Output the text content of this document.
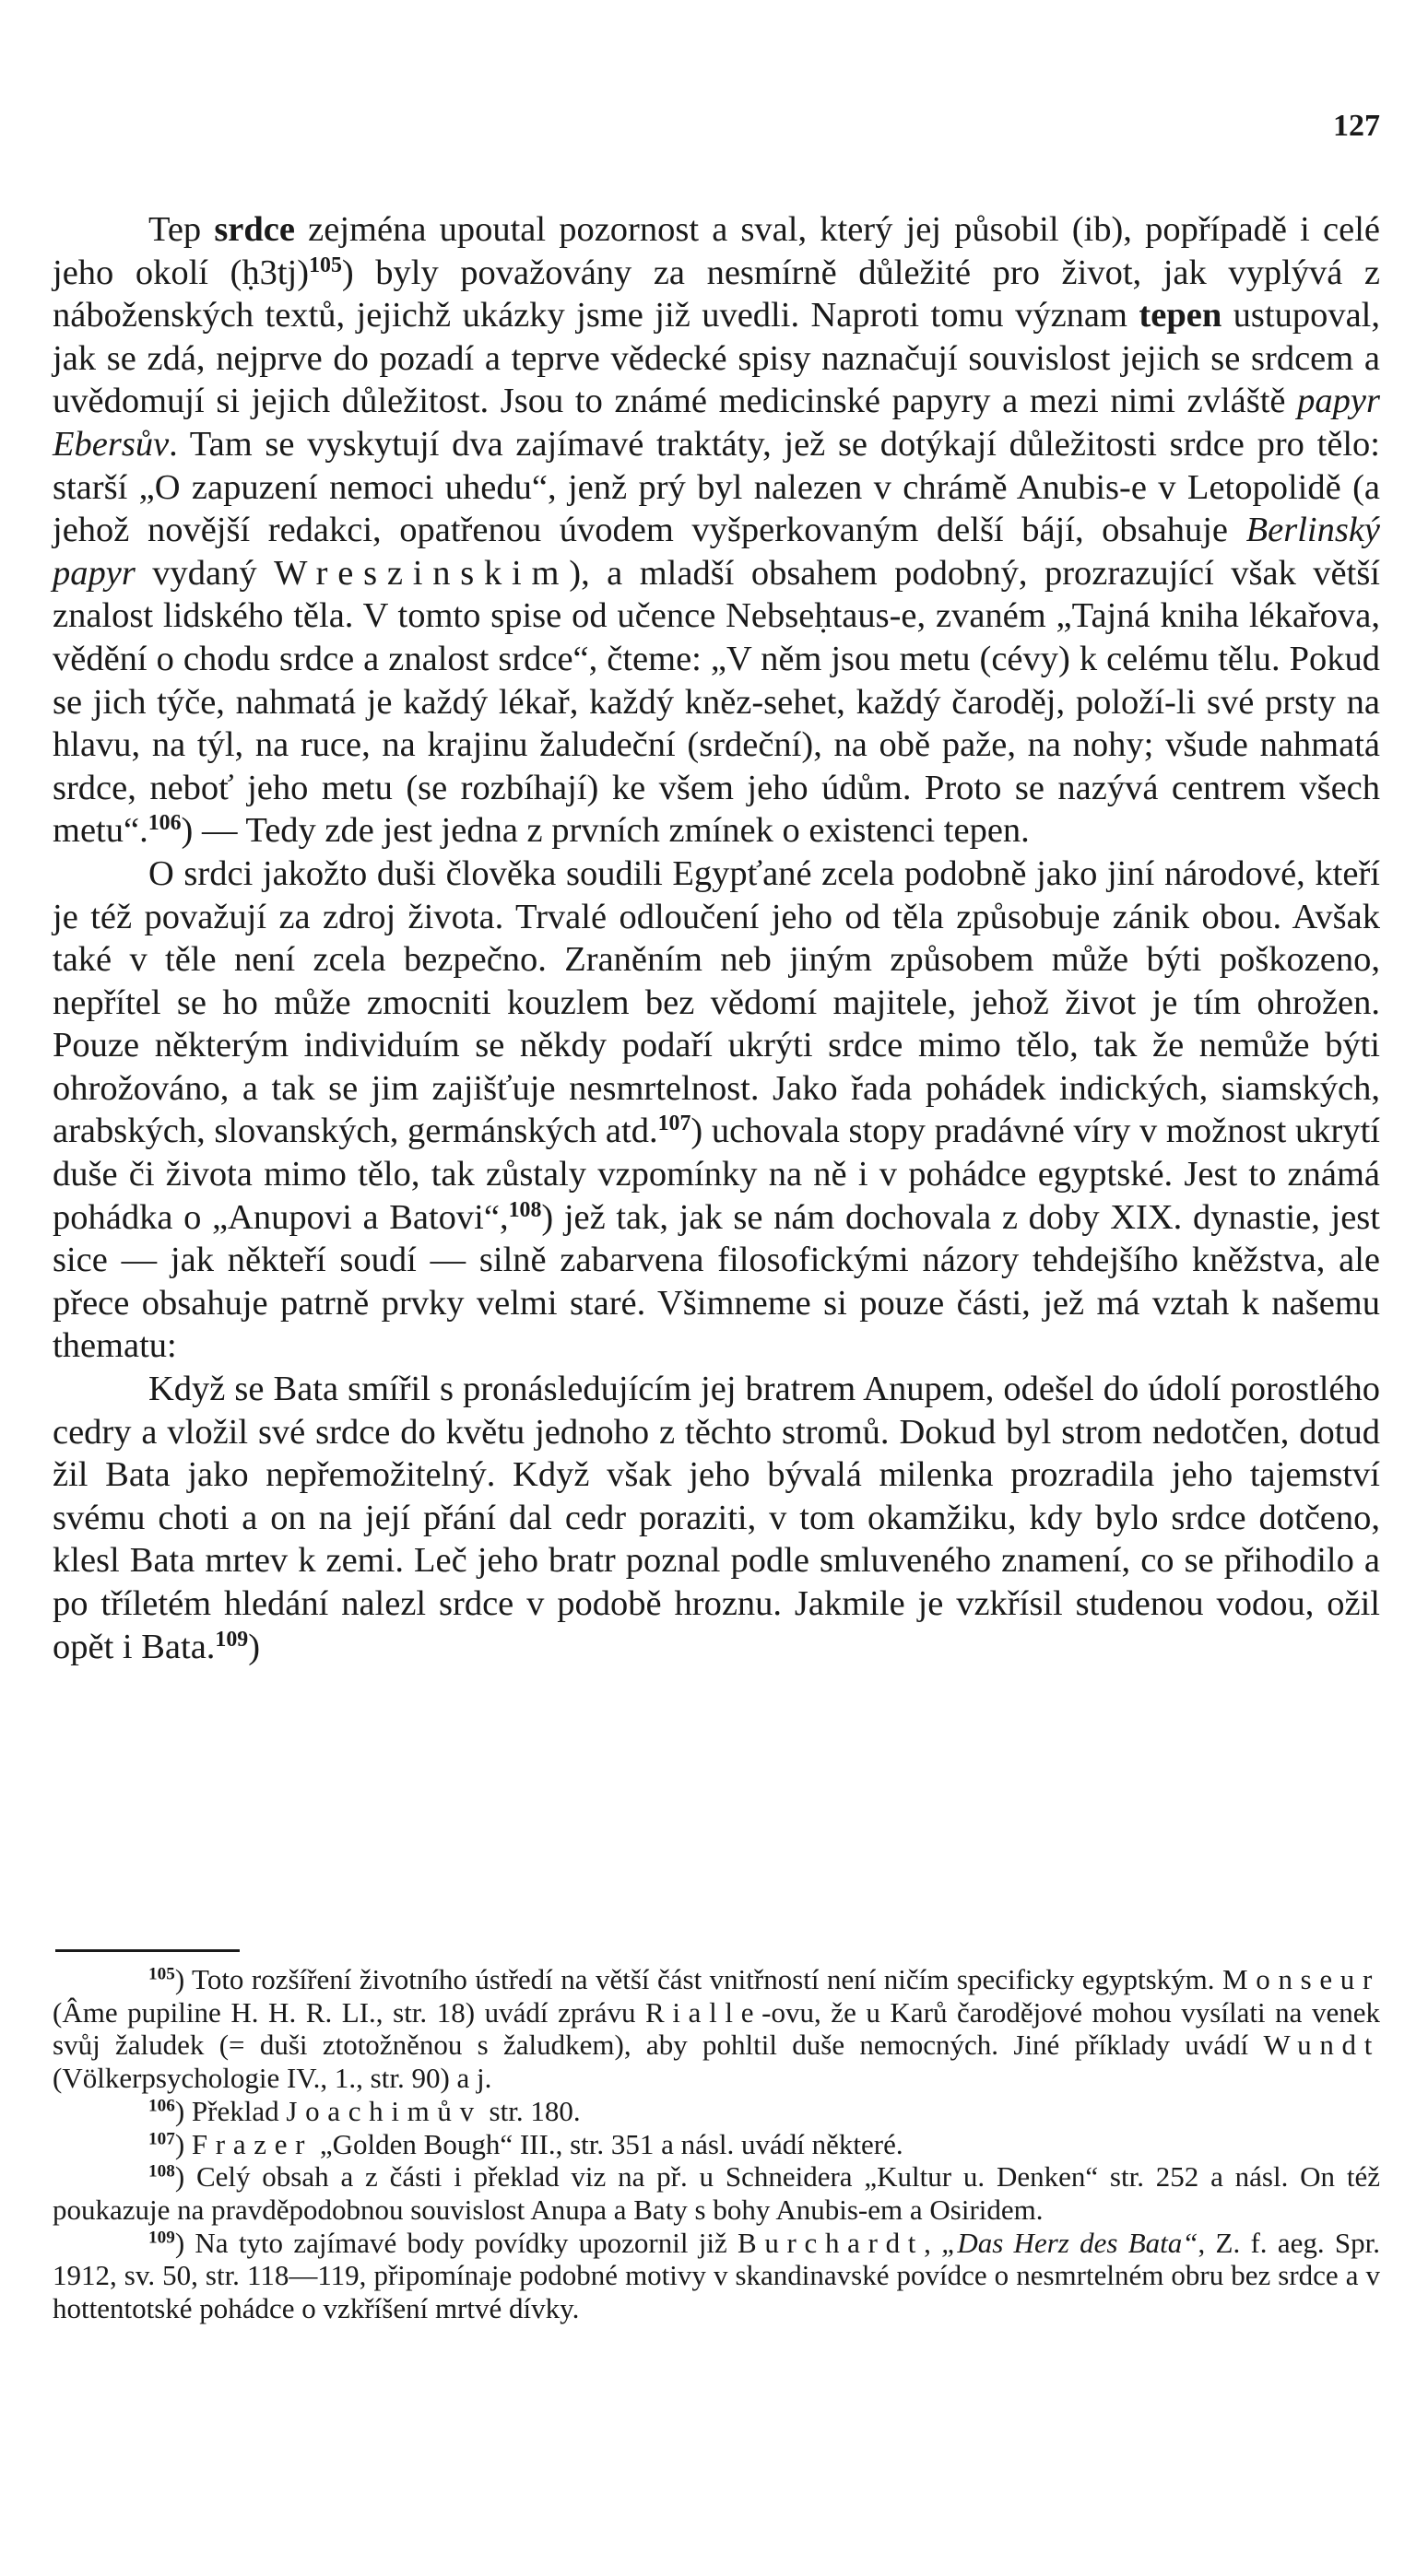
127

Tep srdce zejména upoutal pozornost a sval, který jej působil (ib), popřípadě i celé jeho okolí (ḥ3tj)$^{105}$) byly považovány za nesmírně důležité pro život, jak vyplývá z náboženských textů, jejichž ukázky jsme již uvedli. Naproti tomu význam tepen ustupoval, jak se zdá, nejprve do pozadí a teprve vědecké spisy naznačují souvislost jejich se srdcem a uvědomují si jejich důležitost. Jsou to známé medicinské papyry a mezi nimi zvláště papyr Ebersův. Tam se vyskytují dva zajímavé traktáty, jež se dotýkají důležitosti srdce pro tělo: starší „O zapuzení nemoci uhedu“, jenž prý byl nalezen v chrámě Anubis-e v Letopolidě (a jehož novější redakci, opatřenou úvodem vyšperkovaným delší bájí, obsahuje Berlinský papyr vydaný Wreszinskim), a mladší obsahem podobný, prozrazující však větší znalost lidského těla. V tomto spise od učence Nebseḥtaus-e, zvaném „Tajná kniha lékařova, vědění o chodu srdce a znalost srdce“, čteme: „V něm jsou metu (cévy) k celému tělu. Pokud se jich týče, nahmatá je každý lékař, každý kněz-sehet, každý čaroděj, položí-li své prsty na hlavu, na týl, na ruce, na krajinu žaludeční (srdeční), na obě paže, na nohy; všude nahmatá srdce, neboť jeho metu (se rozbíhají) ke všem jeho údům. Proto se nazývá centrem všech metu“.$^{106}$) — Tedy zde jest jedna z prvních zmínek o existenci tepen.

O srdci jakožto duši člověka soudili Egypťané zcela podobně jako jiní národové, kteří je též považují za zdroj života. Trvalé odloučení jeho od těla způsobuje zánik obou. Avšak také v těle není zcela bezpečno. Zraněním neb jiným způsobem může býti poškozeno, nepřítel se ho může zmocniti kouzlem bez vědomí majitele, jehož život je tím ohrožen. Pouze některým individuím se někdy podaří ukrýti srdce mimo tělo, tak že nemůže býti ohrožováno, a tak se jim zajišťuje nesmrtelnost. Jako řada pohádek indických, siamských, arabských, slovanských, germánských atd.$^{107}$) uchovala stopy pradávné víry v možnost ukrytí duše či života mimo tělo, tak zůstaly vzpomínky na ně i v pohádce egyptské. Jest to známá pohádka o „Anupovi a Batovi“,$^{108}$) jež tak, jak se nám dochovala z doby XIX. dynastie, jest sice — jak někteří soudí — silně zabarvena filosofickými názory tehdejšího kněžstva, ale přece obsahuje patrně prvky velmi staré. Všimneme si pouze části, jež má vztah k našemu thematu:

Když se Bata smířil s pronásledujícím jej bratrem Anupem, odešel do údolí porostlého cedry a vložil své srdce do květu jednoho z těchto stromů. Dokud byl strom nedotčen, dotud žil Bata jako nepřemožitelný. Když však jeho bývalá milenka prozradila jeho tajemství svému choti a on na její přání dal cedr poraziti, v tom okamžiku, kdy bylo srdce dotčeno, klesl Bata mrtev k zemi. Leč jeho bratr poznal podle smluveného znamení, co se přihodilo a po tříletém hledání nalezl srdce v podobě hroznu. Jakmile je vzkřísil studenou vodou, ožil opět i Bata.$^{109}$)

$^{105}$) Toto rozšíření životního ústředí na větší část vnitřností není ničím specificky egyptským. Monseur (Âme pupiline H. H. R. LI., str. 18) uvádí zprávu Rialle-ovu, že u Karů čarodějové mohou vysílati na venek svůj žaludek (= duši ztotožněnou s žaludkem), aby pohltil duše nemocných. Jiné příklady uvádí Wundt (Völkerpsychologie IV., 1., str. 90) a j.

$^{106}$) Překlad Joachimův str. 180.

$^{107}$) Frazer „Golden Bough“ III., str. 351 a násl. uvádí některé.

$^{108}$) Celý obsah a z části i překlad viz na př. u Schneidera „Kultur u. Denken“ str. 252 a násl. On též poukazuje na pravděpodobnou souvislost Anupa a Baty s bohy Anubis-em a Osiridem.

$^{109}$) Na tyto zajímavé body povídky upozornil již Burchardt, „Das Herz des Bata“, Z. f. aeg. Spr. 1912, sv. 50, str. 118—119, připomínaje podobné motivy v skandinavské povídce o nesmrtelném obru bez srdce a v hottentotské pohádce o vzkříšení mrtvé dívky.
